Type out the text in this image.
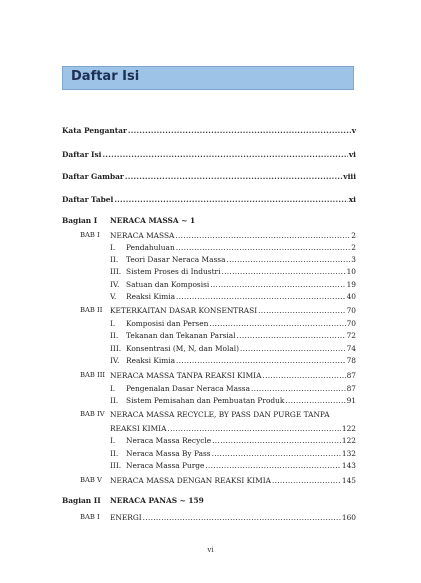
Daftar Isi
Kata Pengantar .....	v
Daftar Isi .....	vi
Daftar Gambar .....	viii
Daftar Tabel .....	xi
Bagian I NERACA MASSA ~ 1
BAB I NERACA MASSA .....	2
I. Pendahuluan .....	2
II. Teori Dasar Neraca Massa .....	3
III. Sistem Proses di Industri .....	10
IV. Satuan dan Komposisi .....	19
V. Reaksi Kimia .....	40
BAB II KETERKAITAN DASAR KONSENTRASI .....	70
I. Komposisi dan Persen .....	70
II. Tekanan dan Tekanan Parsial .....	72
III. Konsentrasi (M, N, dan Molal) .....	74
IV. Reaksi Kimia .....	78
BAB III NERACA MASSA TANPA REAKSI KIMIA .....	87
I. Pengenalan Dasar Neraca Massa .....	87
II. Sistem Pemisahan dan Pembuatan Produk .....	91
BAB IV NERACA MASSA RECYCLE, BY PASS DAN PURGE TANPA
REAKSI KIMIA .....	122
I. Neraca Massa Recycle .....	122
II. Neraca Massa By Pass .....	132
III. Neraca Massa Purge .....	143
BAB V NERACA MASSA DENGAN REAKSI KIMIA .....	145
Bagian II NERACA PANAS ~ 159
BAB I ENERGI .....	160
vi
